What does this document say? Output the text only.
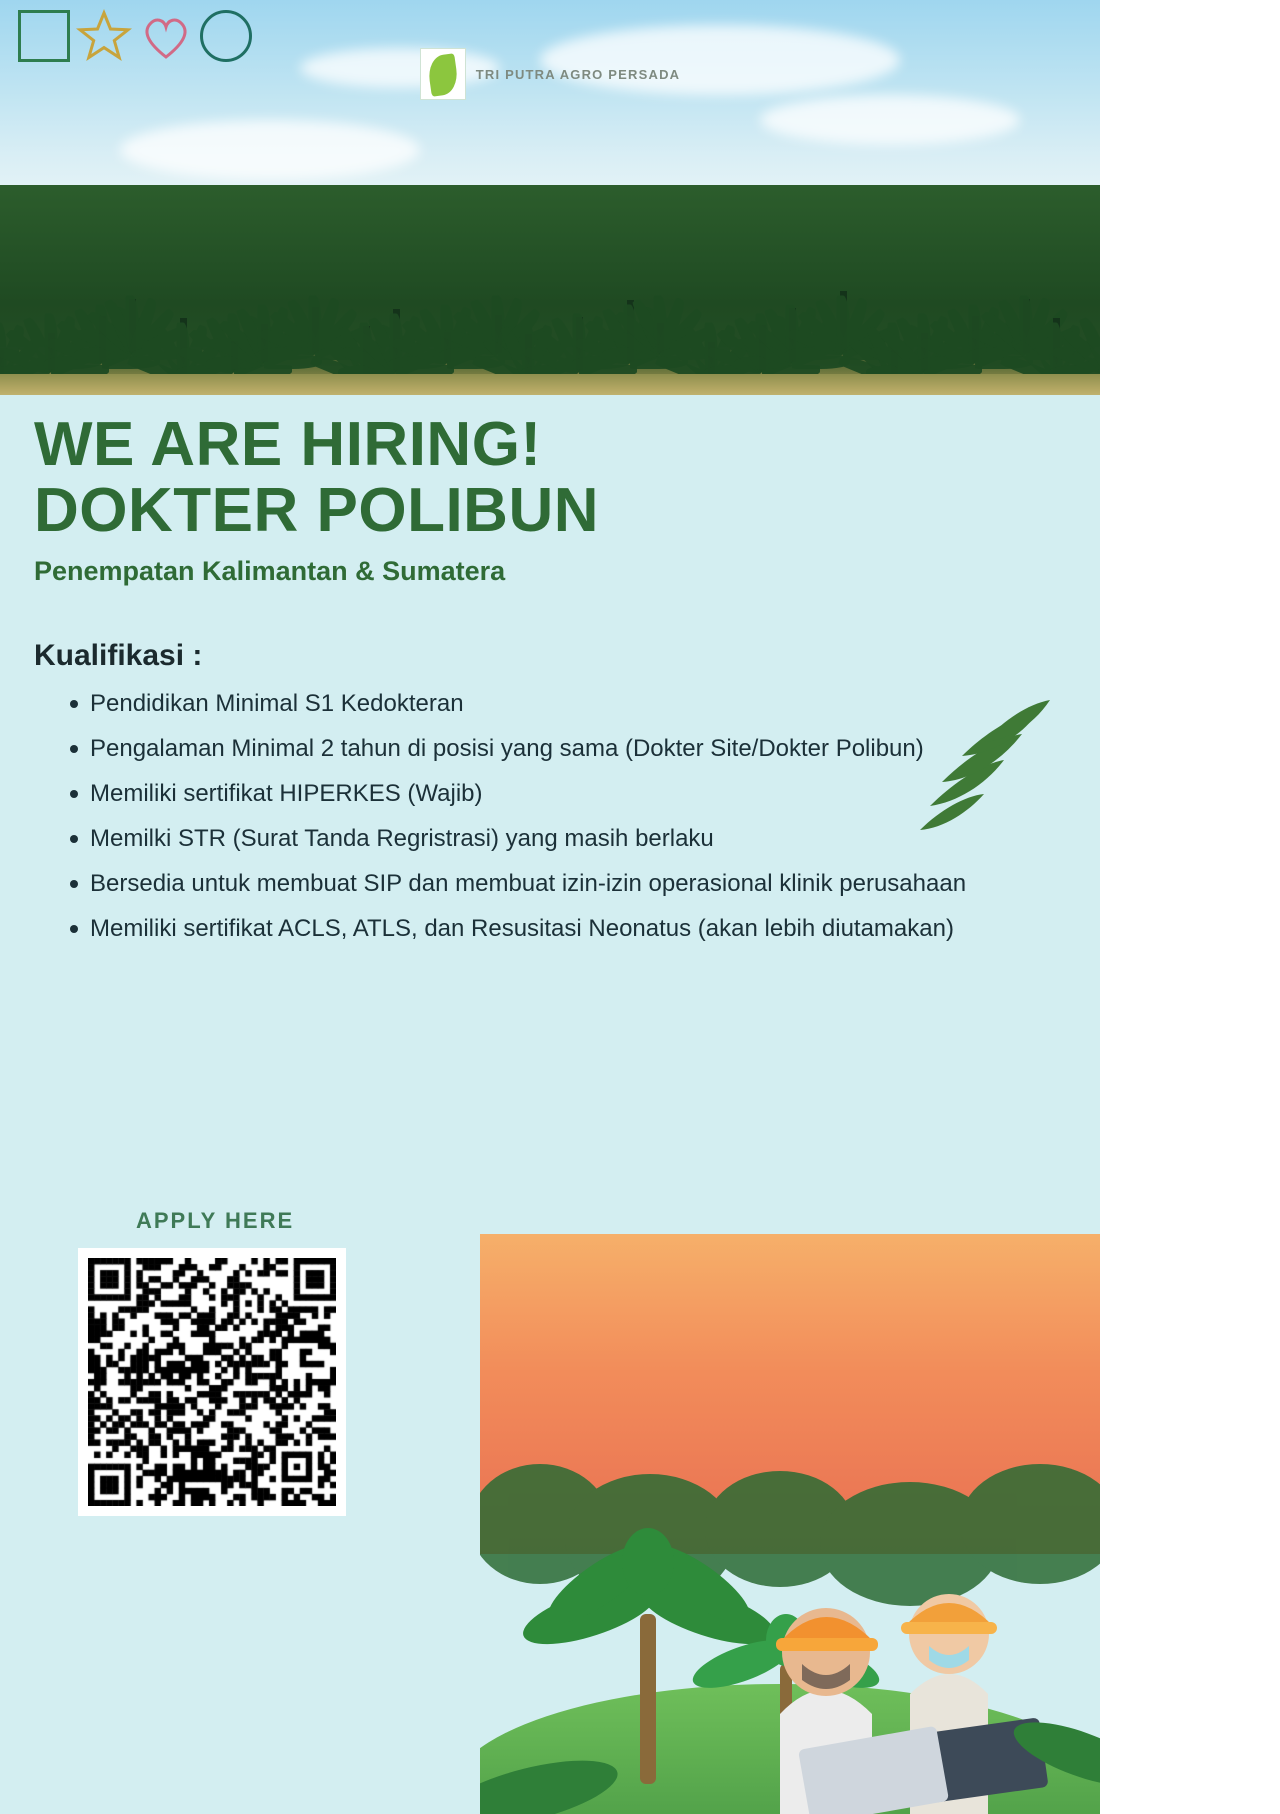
TRI PUTRA AGRO PERSADA
WE ARE HIRING!
DOKTER POLIBUN

Penempatan Kalimantan & Sumatera

Kualifikasi :
Pendidikan Minimal S1 Kedokteran
Pengalaman Minimal 2 tahun di posisi yang sama (Dokter Site/Dokter Polibun)
Memiliki sertifikat HIPERKES (Wajib)
Memilki STR (Surat Tanda Regristrasi) yang masih berlaku
Bersedia untuk membuat SIP dan membuat izin-izin operasional klinik perusahaan
Memiliki sertifikat ACLS, ATLS, dan Resusitasi Neonatus (akan lebih diutamakan)
APPLY HERE
